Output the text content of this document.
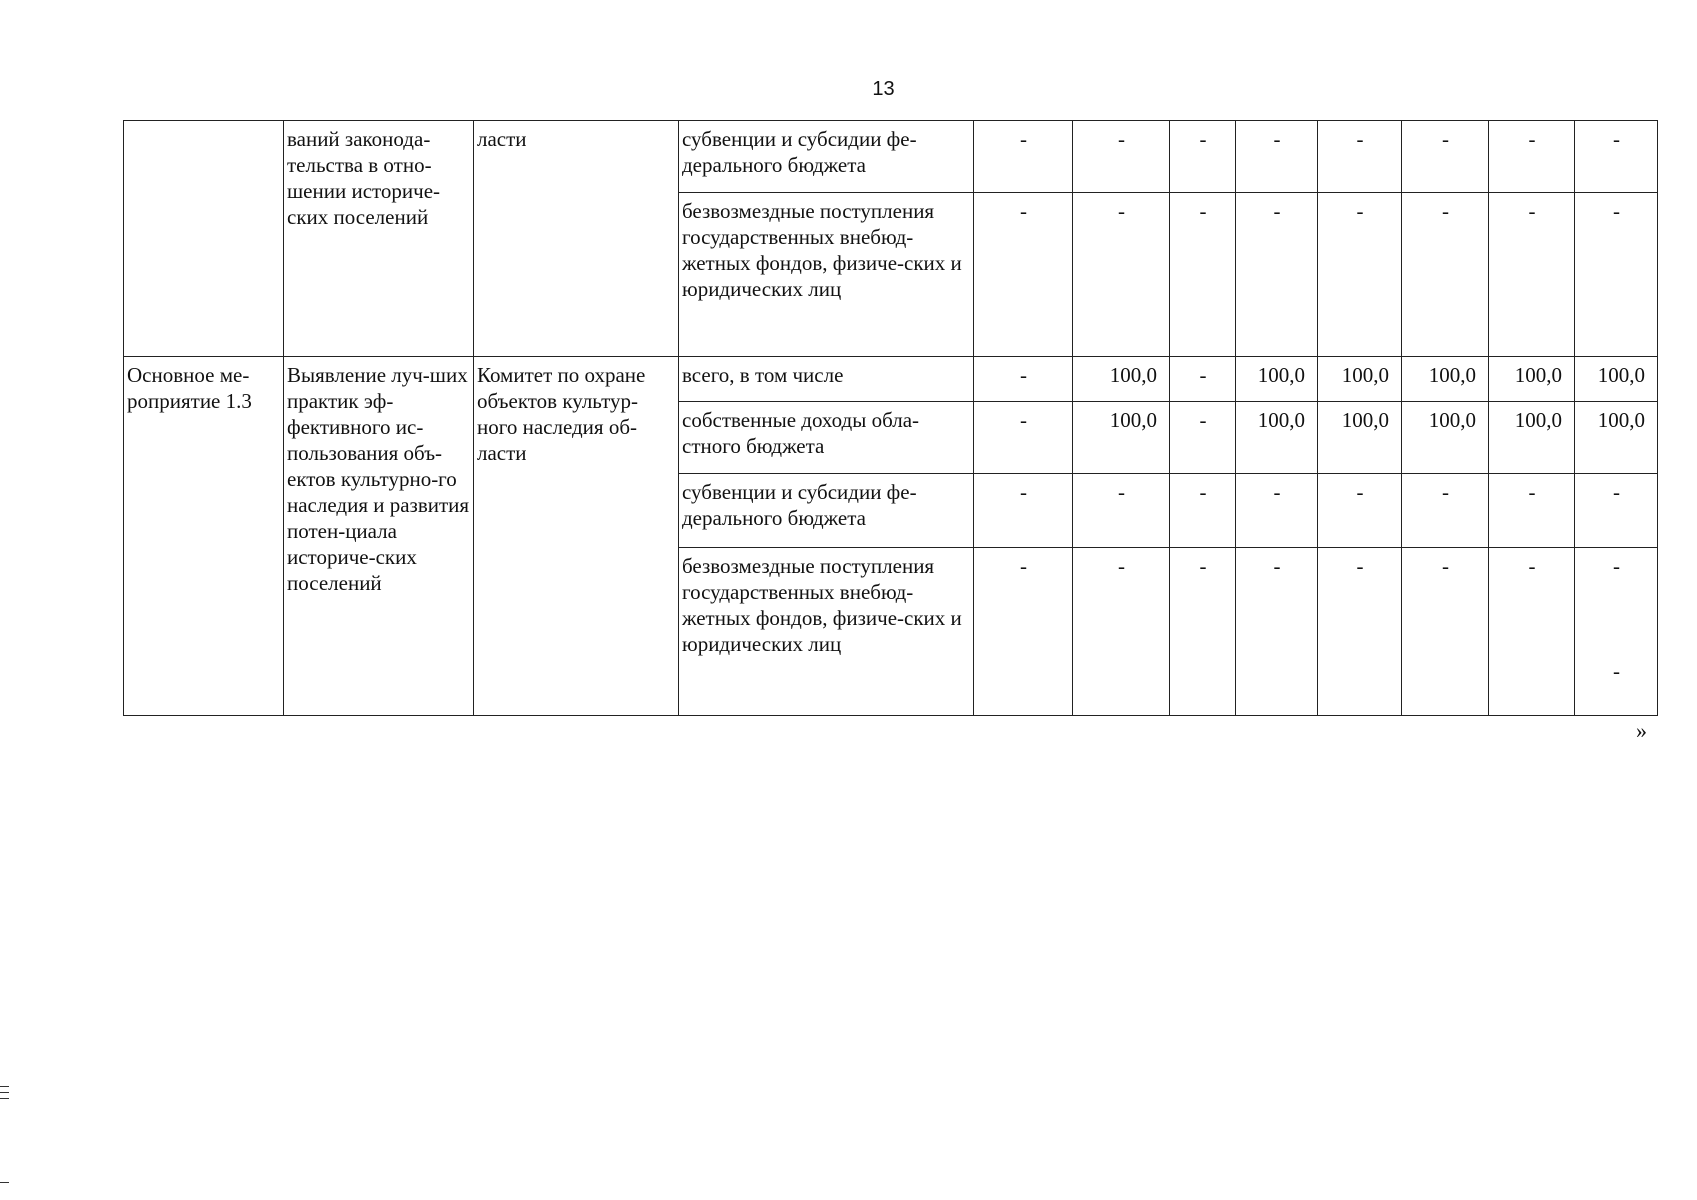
13
	ваний законода-тельства в отно-шении историче-ских поселений	ласти	субвенции и субсидии фе-дерального бюджета	-	-	-	-	-	-	-	-
			безвозмездные поступления государственных внебюд-жетных фондов, физиче-ских и юридических лиц	-	-	-	-	-	-	-	-
Основное ме-роприятие 1.3	Выявление луч-ших практик эф-фективного ис-пользования объ-ектов культурно-го наследия и развития потен-циала историче-ских поселений	Комитет по охране объектов культур-ного наследия об-ласти	всего, в том числе	-	100,0	-	100,0	100,0	100,0	100,0	100,0
			собственные доходы обла-стного бюджета	-	100,0	-	100,0	100,0	100,0	100,0	100,0
			субвенции и субсидии фе-дерального бюджета	-	-	-	-	-	-	-	-
			безвозмездные поступления государственных внебюд-жетных фондов, физиче-ских и юридических лиц	-	-	-	-	-	-	-	-
-
»
